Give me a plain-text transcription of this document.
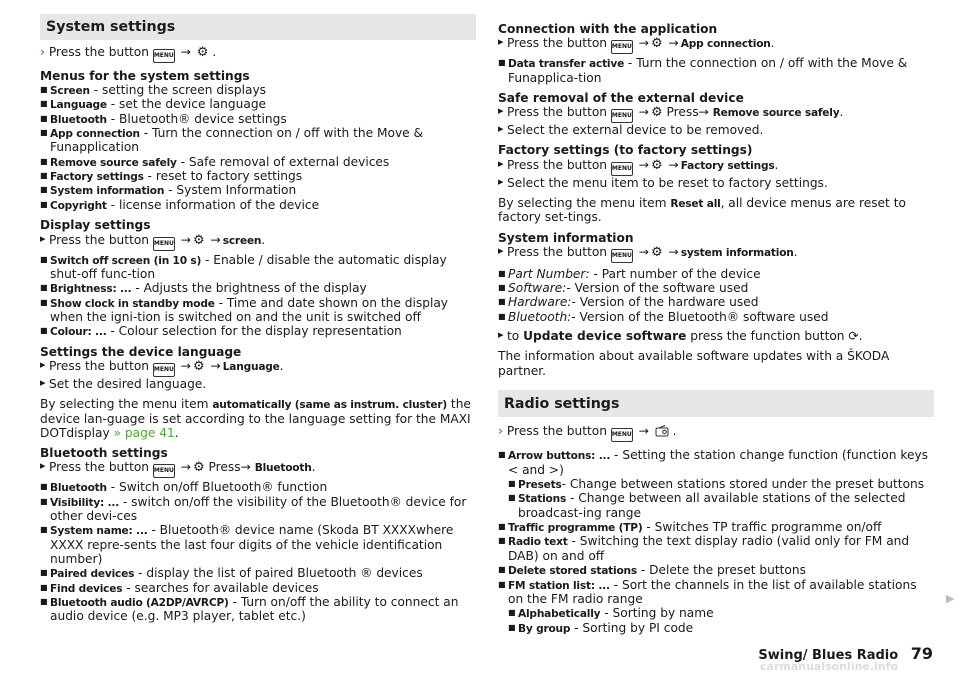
System settings

› Press the button MENU → ⚙ .

Menus for the system settings

■ Screen - setting the screen displays

■ Language - set the device language

■ Bluetooth - Bluetooth® device settings

■ App connection - Turn the connection on / off with the Move & Funapplication

■ Remove source safely - Safe removal of external devices

■ Factory settings - reset to factory settings

■ System information - System Information

■ Copyright - license information of the device

Display settings

▸ Press the button MENU → ⚙ → screen.

■ Switch off screen (in 10 s) - Enable / disable the automatic display shut-off func-tion

■ Brightness: ... - Adjusts the brightness of the display

■ Show clock in standby mode - Time and date shown on the display when the igni-tion is switched on and the unit is switched off

■ Colour: ... - Colour selection for the display representation

Settings the device language

▸ Press the button MENU → ⚙ → Language.

▸ Set the desired language.

By selecting the menu item automatically (same as instrum. cluster) the device lan-guage is set according to the language setting for the MAXI DOTdisplay » page 41.

Bluetooth settings

▸ Press the button MENU → ⚙ Press→ Bluetooth.

■ Bluetooth - Switch on/off Bluetooth® function

■ Visibility: ... - switch on/off the visibility of the Bluetooth® device for other devi-ces

■ System name: ... - Bluetooth® device name (Skoda BT XXXXwhere XXXX repre-sents the last four digits of the vehicle identification number)

■ Paired devices - display the list of paired Bluetooth ® devices

■ Find devices - searches for available devices

■ Bluetooth audio (A2DP/AVRCP) - Turn on/off the ability to connect an audio device (e.g. MP3 player, tablet etc.)

Connection with the application

▸ Press the button MENU → ⚙ → App connection.

■ Data transfer active - Turn the connection on / off with the Move & Funapplica-tion

Safe removal of the external device

▸ Press the button MENU → ⚙ Press→ Remove source safely.

▸ Select the external device to be removed.

Factory settings (to factory settings)

▸ Press the button MENU → ⚙ → Factory settings.

▸ Select the menu item to be reset to factory settings.

By selecting the menu item Reset all, all device menus are reset to factory set-tings.

System information

▸ Press the button MENU → ⚙ → system information.

■ Part Number: - Part number of the device

■ Software:- Version of the software used

■ Hardware:- Version of the hardware used

■ Bluetooth:- Version of the Bluetooth® software used

▸ to Update device software press the function button ⟳.

The information about available software updates with a ŠKODA partner.

Radio settings

› Press the button MENU → .

■ Arrow buttons: ... - Setting the station change function (function keys < and >)

■ Presets- Change between stations stored under the preset buttons

■ Stations - Change between all available stations of the selected broadcast-ing range

■ Traffic programme (TP) - Switches TP traffic programme on/off

■ Radio text - Switching the text display radio (valid only for FM and DAB) on and off

■ Delete stored stations - Delete the preset buttons

■ FM station list: ... - Sort the channels in the list of available stations on the FM radio range

■ Alphabetically - Sorting by name

■ By group - Sorting by PI code

▶
Swing/ Blues Radio 79
carmanualsonline.info
